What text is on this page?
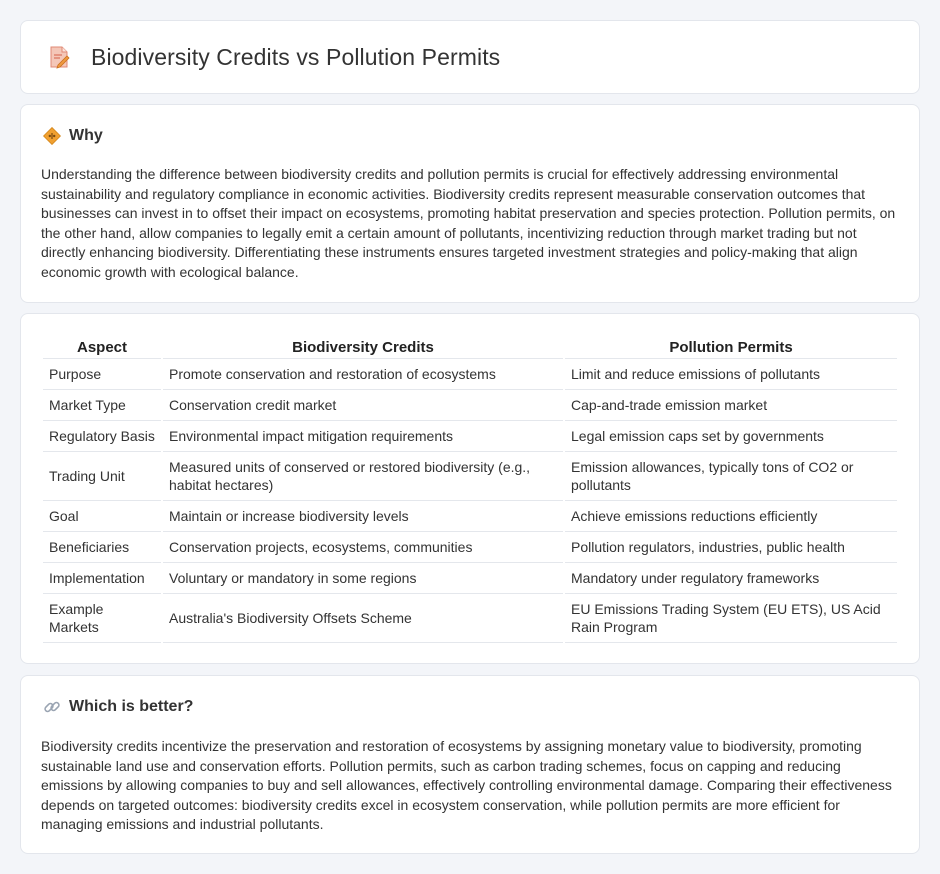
Biodiversity Credits vs Pollution Permits
Why

Understanding the difference between biodiversity credits and pollution permits is crucial for effectively addressing environmental sustainability and regulatory compliance in economic activities. Biodiversity credits represent measurable conservation outcomes that businesses can invest in to offset their impact on ecosystems, promoting habitat preservation and species protection. Pollution permits, on the other hand, allow companies to legally emit a certain amount of pollutants, incentivizing reduction through market trading but not directly enhancing biodiversity. Differentiating these instruments ensures targeted investment strategies and policy-making that align economic growth with ecological balance.

Aspect	Biodiversity Credits	Pollution Permits
Purpose	Promote conservation and restoration of ecosystems	Limit and reduce emissions of pollutants
Market Type	Conservation credit market	Cap-and-trade emission market
Regulatory Basis	Environmental impact mitigation requirements	Legal emission caps set by governments
Trading Unit	Measured units of conserved or restored biodiversity (e.g., habitat hectares)	Emission allowances, typically tons of CO2 or pollutants
Goal	Maintain or increase biodiversity levels	Achieve emissions reductions efficiently
Beneficiaries	Conservation projects, ecosystems, communities	Pollution regulators, industries, public health
Implementation	Voluntary or mandatory in some regions	Mandatory under regulatory frameworks
Example Markets	Australia's Biodiversity Offsets Scheme	EU Emissions Trading System (EU ETS), US Acid Rain Program
Which is better?

Biodiversity credits incentivize the preservation and restoration of ecosystems by assigning monetary value to biodiversity, promoting sustainable land use and conservation efforts. Pollution permits, such as carbon trading schemes, focus on capping and reducing emissions by allowing companies to buy and sell allowances, effectively controlling environmental damage. Comparing their effectiveness depends on targeted outcomes: biodiversity credits excel in ecosystem conservation, while pollution permits are more efficient for managing emissions and industrial pollutants.
